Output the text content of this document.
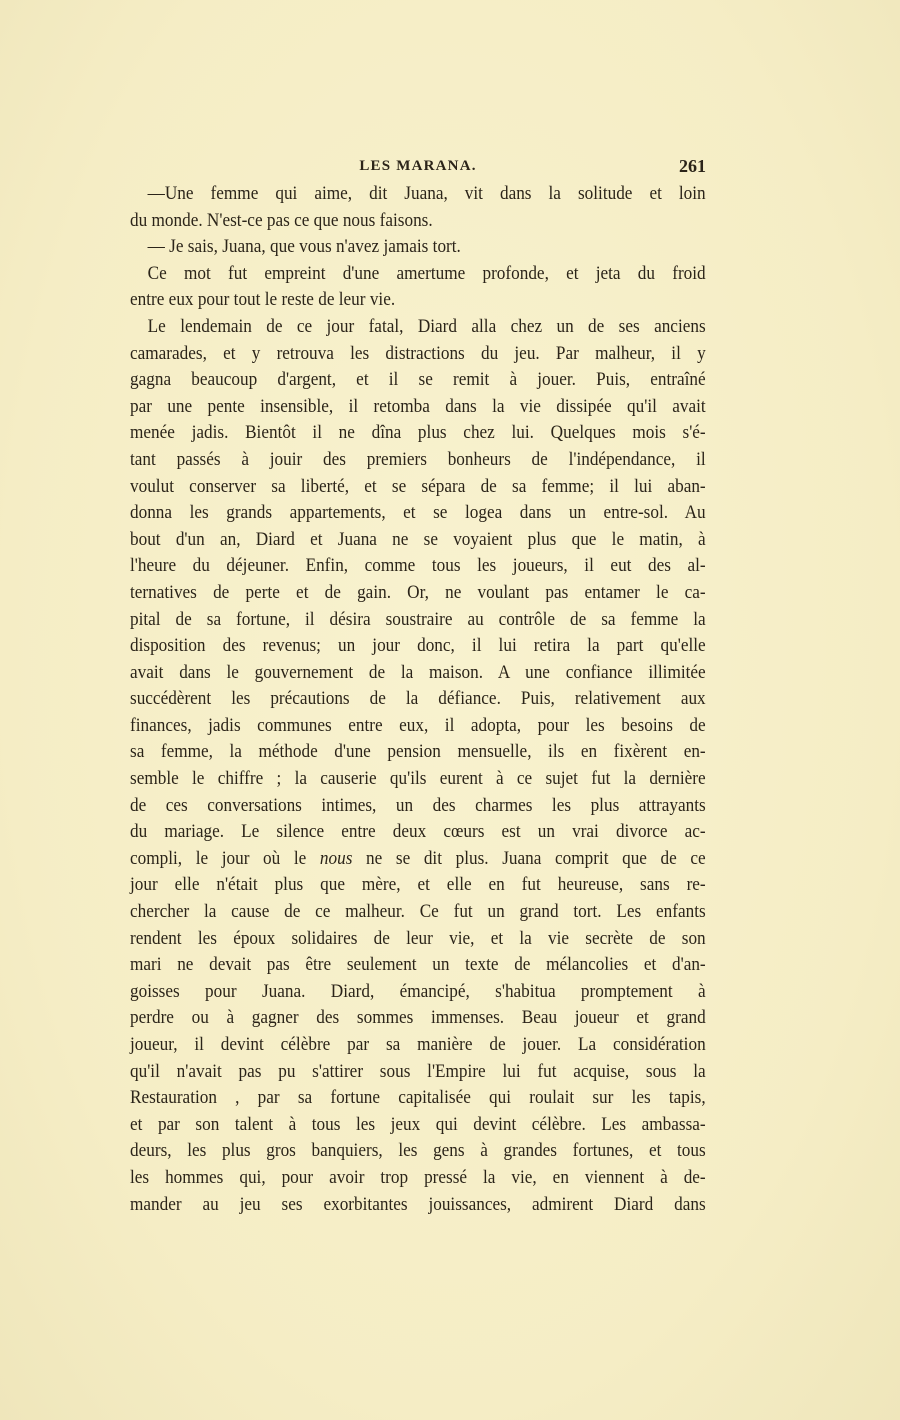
LES MARANA.	261
—Une femme qui aime, dit Juana, vit dans la solitude et loin
du monde. N'est-ce pas ce que nous faisons.
— Je sais, Juana, que vous n'avez jamais tort.
Ce mot fut empreint d'une amertume profonde, et jeta du froid
entre eux pour tout le reste de leur vie.
Le lendemain de ce jour fatal, Diard alla chez un de ses anciens
camarades, et y retrouva les distractions du jeu. Par malheur, il y
gagna beaucoup d'argent, et il se remit à jouer. Puis, entraîné
par une pente insensible, il retomba dans la vie dissipée qu'il avait
menée jadis. Bientôt il ne dîna plus chez lui. Quelques mois s'é-
tant passés à jouir des premiers bonheurs de l'indépendance, il
voulut conserver sa liberté, et se sépara de sa femme; il lui aban-
donna les grands appartements, et se logea dans un entre-sol. Au
bout d'un an, Diard et Juana ne se voyaient plus que le matin, à
l'heure du déjeuner. Enfin, comme tous les joueurs, il eut des al-
ternatives de perte et de gain. Or, ne voulant pas entamer le ca-
pital de sa fortune, il désira soustraire au contrôle de sa femme la
disposition des revenus; un jour donc, il lui retira la part qu'elle
avait dans le gouvernement de la maison. A une confiance illimitée
succédèrent les précautions de la défiance. Puis, relativement aux
finances, jadis communes entre eux, il adopta, pour les besoins de
sa femme, la méthode d'une pension mensuelle, ils en fixèrent en-
semble le chiffre ; la causerie qu'ils eurent à ce sujet fut la dernière
de ces conversations intimes, un des charmes les plus attrayants
du mariage. Le silence entre deux cœurs est un vrai divorce ac-
compli, le jour où le nous ne se dit plus. Juana comprit que de ce
jour elle n'était plus que mère, et elle en fut heureuse, sans re-
chercher la cause de ce malheur. Ce fut un grand tort. Les enfants
rendent les époux solidaires de leur vie, et la vie secrète de son
mari ne devait pas être seulement un texte de mélancolies et d'an-
goisses pour Juana. Diard, émancipé, s'habitua promptement à
perdre ou à gagner des sommes immenses. Beau joueur et grand
joueur, il devint célèbre par sa manière de jouer. La considération
qu'il n'avait pas pu s'attirer sous l'Empire lui fut acquise, sous la
Restauration , par sa fortune capitalisée qui roulait sur les tapis,
et par son talent à tous les jeux qui devint célèbre. Les ambassa-
deurs, les plus gros banquiers, les gens à grandes fortunes, et tous
les hommes qui, pour avoir trop pressé la vie, en viennent à de-
mander au jeu ses exorbitantes jouissances, admirent Diard dans
